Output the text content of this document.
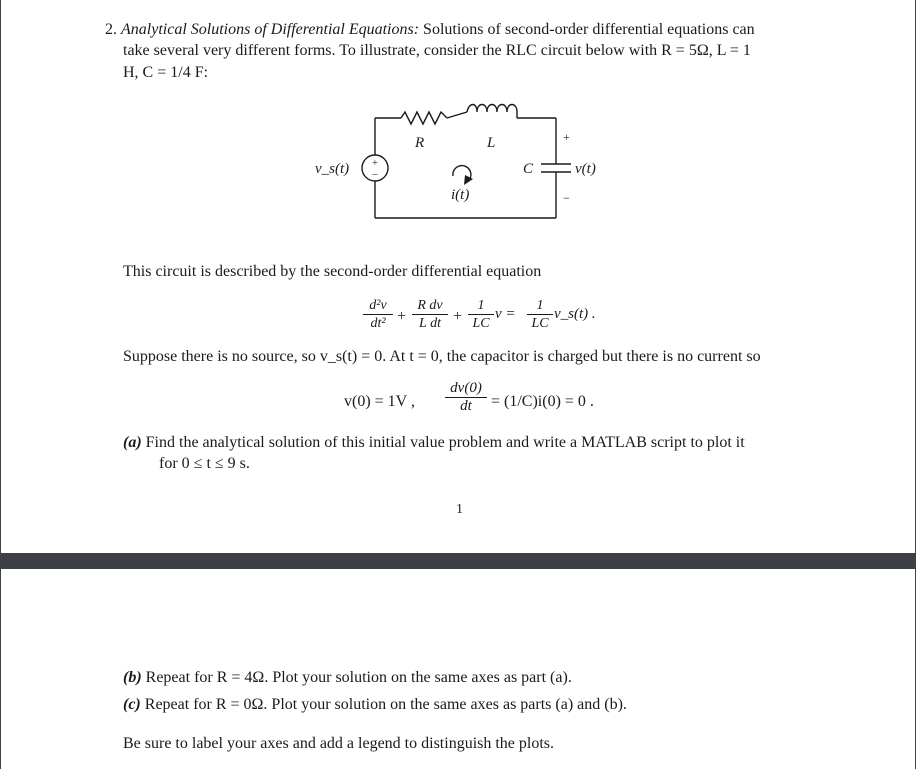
2. Analytical Solutions of Differential Equations: Solutions of second-order differential equations can
take several very different forms. To illustrate, consider the RLC circuit below with R = 5Ω, L = 1
H, C = 1/4 F:
+
−
v_s(t)
R	L
C	v(t)
+
−
i(t)
This circuit is described by the second-order differential equation
d²v
dt² +
R dv
L dt +
1
LC
v =
1
LC
v_s(t) .
Suppose there is no source, so v_s(t) = 0. At t = 0, the capacitor is charged but there is no current so
v(0) = 1V ,
dv(0)
dt	= (1/C)i(0) = 0 .
(a) Find the analytical solution of this initial value problem and write a MATLAB script to plot it
for 0 ≤ t ≤ 9 s.
1
(b) Repeat for R = 4Ω. Plot your solution on the same axes as part (a).
(c) Repeat for R = 0Ω. Plot your solution on the same axes as parts (a) and (b).
Be sure to label your axes and add a legend to distinguish the plots.
